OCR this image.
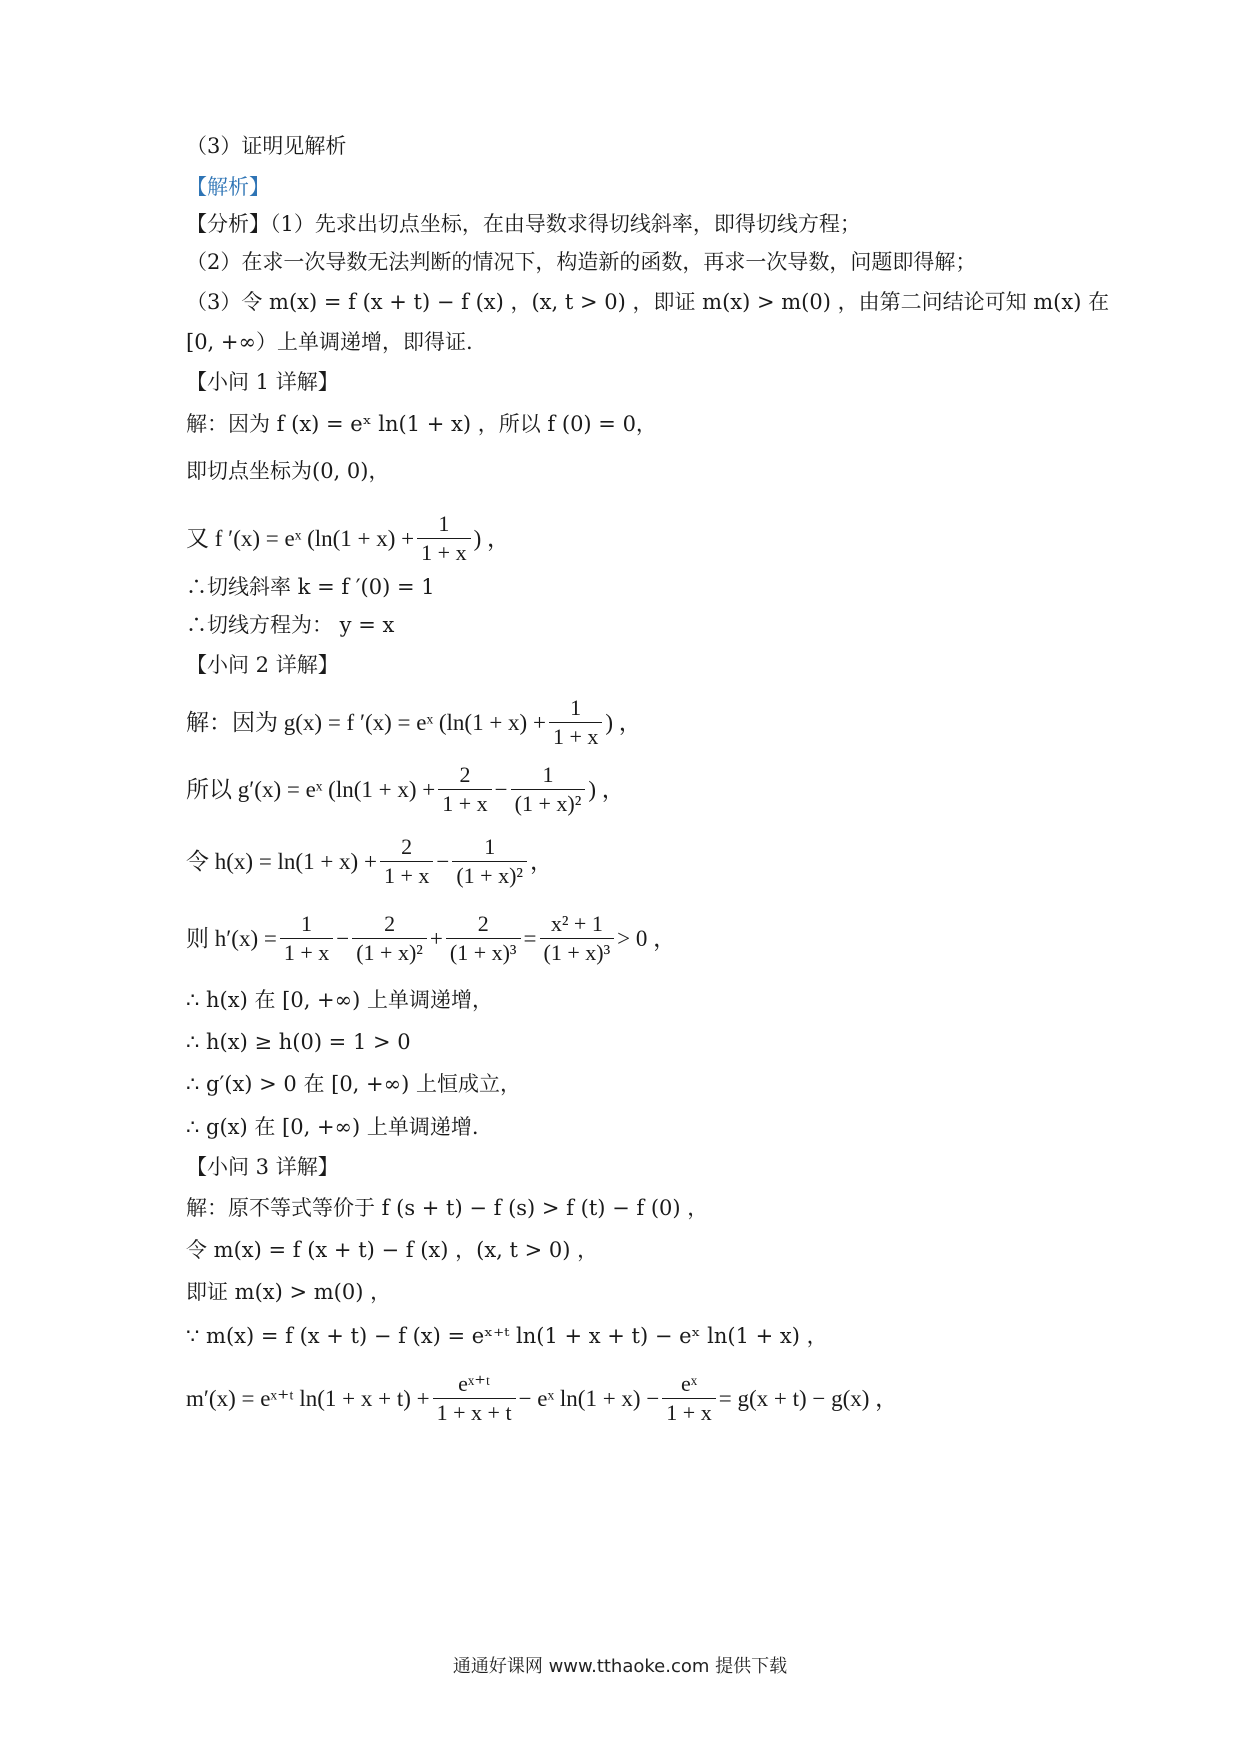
（3）证明见解析
【解析】
【分析】（1）先求出切点坐标，在由导数求得切线斜率，即得切线方程；
（2）在求一次导数无法判断的情况下，构造新的函数，再求一次导数，问题即得解；
（3）令 m(x) = f (x + t) − f (x) ，(x, t > 0) ，即证 m(x) > m(0) ，由第二问结论可知 m(x) 在
[0, +∞）上单调递增，即得证.
【小问 1 详解】
解：因为 f (x) = eˣ ln(1 + x) ，所以 f (0) = 0，
即切点坐标为(0, 0)，
又 f ′(x) = eˣ ($\ln(1 + x) + \frac{1}{1 + x}$ ) ，
∴切线斜率 k = f ′(0) = 1
∴切线方程为： y = x
【小问 2 详解】
解：因为 g(x) = f ′(x) = eˣ ($\ln(1 + x) + \frac{1}{1 + x}$ ) ，
所以 g′(x) = eˣ ($\ln(1 + x) + \frac{2}{1 + x} - \frac{1}{\text{(1 + x)²}}$ ) ，
令 $h(x) = \ln(1 + x) + \frac{2}{1 + x} - \frac{1}{\text{(1 + x)²}}$ ，
则 $h'(x) = \frac{1}{1 + x} - \frac{2}{\text{(1 + x)²}} + \frac{2}{\text{(1 + x)³}} = \frac{\text{x² + 1}}{\text{(1 + x)³}} > 0$ ，
∴ h(x) 在 [0, +∞) 上单调递增，
∴ h(x) ≥ h(0) = 1 > 0
∴ g′(x) > 0 在 [0, +∞) 上恒成立，
∴ g(x) 在 [0, +∞) 上单调递增.
【小问 3 详解】
解：原不等式等价于 f (s + t) − f (s) > f (t) − f (0) ，
令 m(x) = f (x + t) − f (x) ，(x, t > 0) ，
即证 m(x) > m(0) ，
∵ m(x) = f (x + t) − f (x) = eˣ⁺ᵗ ln(1 + x + t) − eˣ ln(1 + x) ，
m′(x) = eˣ⁺ᵗ $\ln(1 + x + t) + \frac{\text{eˣ⁺ᵗ}}{1 + x + t}$ − eˣ $\ln(1 + x) - \frac{\text{eˣ}}{1 + x} = g(x + t) - g(x)$ ，
通通好课网 www.tthaoke.com 提供下载
